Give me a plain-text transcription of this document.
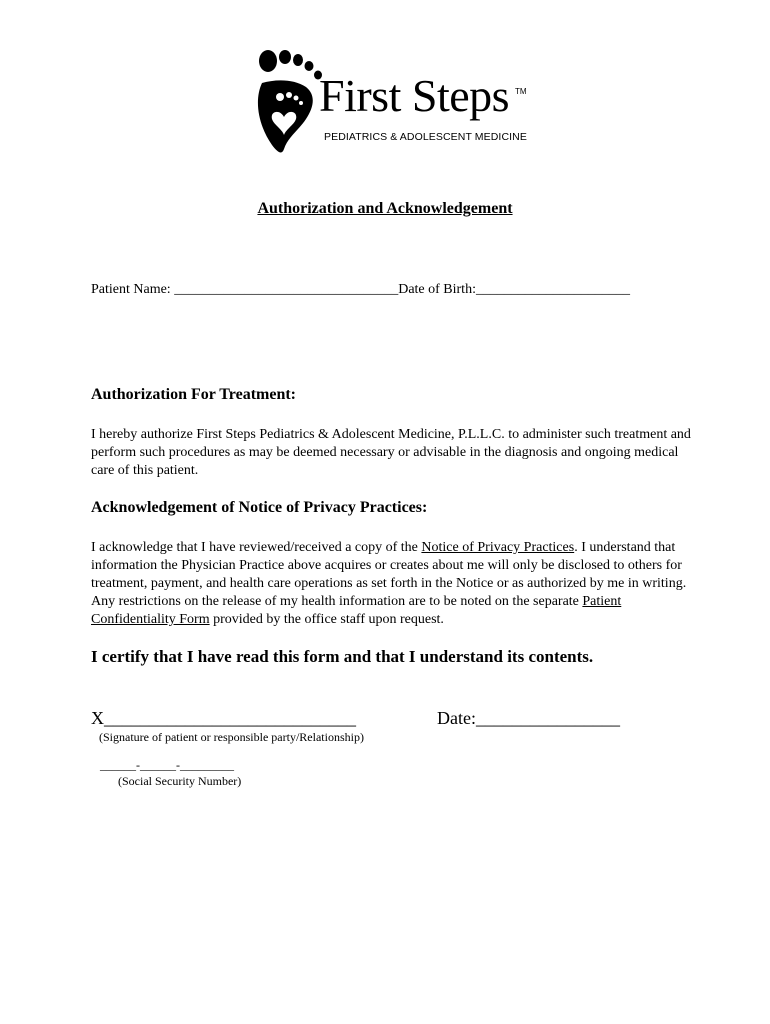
First Steps TM
PEDIATRICS & ADOLESCENT MEDICINE
Authorization and Acknowledgement
Patient Name: ________________________________Date of Birth:______________________
Authorization For Treatment:
I hereby authorize First Steps Pediatrics & Adolescent Medicine, P.L.L.C. to administer such treatment and perform such procedures as may be deemed necessary or advisable in the diagnosis and ongoing medical care of this patient.
Acknowledgement of Notice of Privacy Practices:
I acknowledge that I have reviewed/received a copy of the Notice of Privacy Practices. I understand that information the Physician Practice above acquires or creates about me will only be disclosed to others for treatment, payment, and health care operations as set forth in the Notice or as authorized by me in writing. Any restrictions on the release of my health information are to be noted on the separate Patient Confidentiality Form provided by the office staff upon request.
I certify that I have read this form and that I understand its contents.
X____________________________
(Signature of patient or responsible party/Relationship)
Date:________________
______-______-_________
(Social Security Number)
